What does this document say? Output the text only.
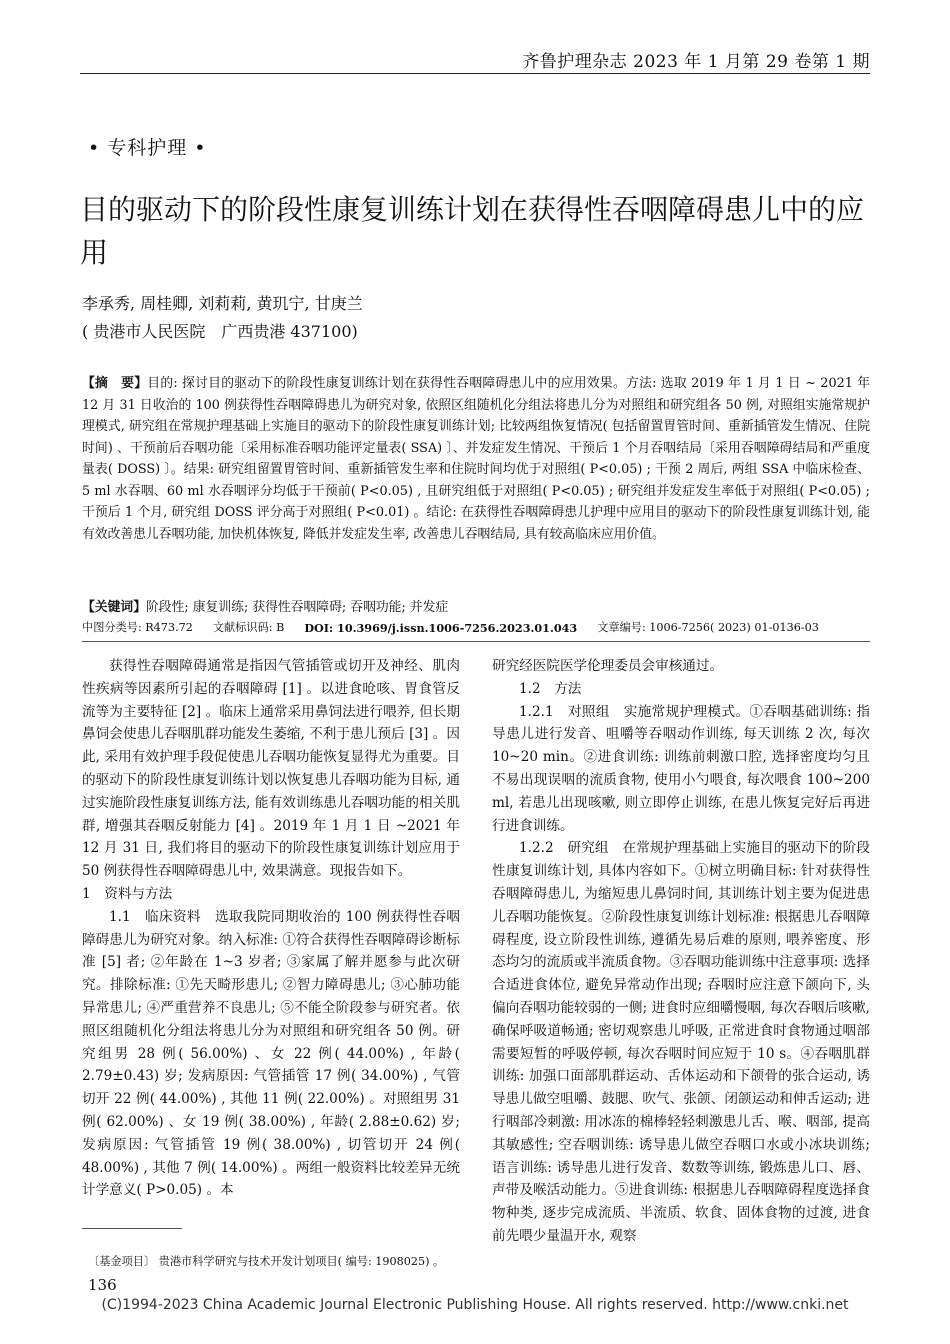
齐鲁护理杂志 2023 年 1 月第 29 卷第 1 期
• 专科护理 •
目的驱动下的阶段性康复训练计划在获得性吞咽障碍患儿中的应用
李承秀, 周桂卿, 刘莉莉, 黄玑宁, 甘庚兰
( 贵港市人民医院　广西贵港 437100)
【摘　要】目的: 探讨目的驱动下的阶段性康复训练计划在获得性吞咽障碍患儿中的应用效果。方法: 选取 2019 年 1 月 1 日 ~ 2021 年 12 月 31 日收治的 100 例获得性吞咽障碍患儿为研究对象, 依照区组随机化分组法将患儿分为对照组和研究组各 50 例, 对照组实施常规护理模式, 研究组在常规护理基础上实施目的驱动下的阶段性康复训练计划; 比较两组恢复情况( 包括留置胃管时间、重新插管发生情况、住院时间) 、干预前后吞咽功能〔采用标准吞咽功能评定量表( SSA) 〕、并发症发生情况、干预后 1 个月吞咽结局〔采用吞咽障碍结局和严重度量表( DOSS) 〕。结果: 研究组留置胃管时间、重新插管发生率和住院时间均优于对照组( P<0.05) ; 干预 2 周后, 两组 SSA 中临床检查、5 ml 水吞咽、60 ml 水吞咽评分均低于干预前( P<0.05) , 且研究组低于对照组( P<0.05) ; 研究组并发症发生率低于对照组( P<0.05) ; 干预后 1 个月, 研究组 DOSS 评分高于对照组( P<0.01) 。结论: 在获得性吞咽障碍患儿护理中应用目的驱动下的阶段性康复训练计划, 能有效改善患儿吞咽功能, 加快机体恢复, 降低并发症发生率, 改善患儿吞咽结局, 具有较高临床应用价值。
【关键词】阶段性; 康复训练; 获得性吞咽障碍; 吞咽功能; 并发症
中图分类号: R473.72 文献标识码: B DOI: 10.3969/j.issn.1006-7256.2023.01.043 文章编号: 1006-7256( 2023) 01-0136-03

获得性吞咽障碍通常是指因气管插管或切开及神经、肌肉性疾病等因素所引起的吞咽障碍 [1] 。以进食呛咳、胃食管反流等为主要特征 [2] 。临床上通常采用鼻饲法进行喂养, 但长期鼻饲会使患儿吞咽肌群功能发生萎缩, 不利于患儿预后 [3] 。因此, 采用有效护理手段促使患儿吞咽功能恢复显得尤为重要。目的驱动下的阶段性康复训练计划以恢复患儿吞咽功能为目标, 通过实施阶段性康复训练方法, 能有效训练患儿吞咽功能的相关肌群, 增强其吞咽反射能力 [4] 。2019 年 1 月 1 日 ~2021 年 12 月 31 日, 我们将目的驱动下的阶段性康复训练计划应用于 50 例获得性吞咽障碍患儿中, 效果满意。现报告如下。

1　资料与方法

1.1　临床资料　选取我院同期收治的 100 例获得性吞咽障碍患儿为研究对象。纳入标准: ①符合获得性吞咽障碍诊断标准 [5] 者; ②年龄在 1~3 岁者; ③家属了解并愿参与此次研究。排除标准: ①先天畸形患儿; ②智力障碍患儿; ③心肺功能异常患儿; ④严重营养不良患儿; ⑤不能全阶段参与研究者。依照区组随机化分组法将患儿分为对照组和研究组各 50 例。研究组男 28 例( 56.00%) 、女 22 例( 44.00%) , 年龄( 2.79±0.43) 岁; 发病原因: 气管插管 17 例( 34.00%) , 气管切开 22 例( 44.00%) , 其他 11 例( 22.00%) 。对照组男 31 例( 62.00%) 、女 19 例( 38.00%) , 年龄( 2.88±0.62) 岁; 发病原因: 气管插管 19 例( 38.00%) , 切管切开 24 例( 48.00%) , 其他 7 例( 14.00%) 。两组一般资料比较差异无统计学意义( P>0.05) 。本

研究经医院医学伦理委员会审核通过。

1.2　方法

1.2.1　对照组　实施常规护理模式。①吞咽基础训练: 指导患儿进行发音、咀嚼等吞咽动作训练, 每天训练 2 次, 每次 10~20 min。②进食训练: 训练前刺激口腔, 选择密度均匀且不易出现误咽的流质食物, 使用小勺喂食, 每次喂食 100~200 ml, 若患儿出现咳嗽, 则立即停止训练, 在患儿恢复完好后再进行进食训练。

1.2.2　研究组　在常规护理基础上实施目的驱动下的阶段性康复训练计划, 具体内容如下。①树立明确目标: 针对获得性吞咽障碍患儿, 为缩短患儿鼻饲时间, 其训练计划主要为促进患儿吞咽功能恢复。②阶段性康复训练计划标准: 根据患儿吞咽障碍程度, 设立阶段性训练, 遵循先易后难的原则, 喂养密度、形态均匀的流质或半流质食物。③吞咽功能训练中注意事项: 选择合适进食体位, 避免异常动作出现; 吞咽时应注意下颌向下, 头偏向吞咽功能较弱的一侧; 进食时应细嚼慢咽, 每次吞咽后咳嗽, 确保呼吸道畅通; 密切观察患儿呼吸, 正常进食时食物通过咽部需要短暂的呼吸停顿, 每次吞咽时间应短于 10 s。④吞咽肌群训练: 加强口面部肌群运动、舌体运动和下颌骨的张合运动, 诱导患儿做空咀嚼、鼓腮、吹气、张颌、闭颌运动和伸舌运动; 进行咽部冷刺激: 用冰冻的棉棒轻轻刺激患儿舌、喉、咽部, 提高其敏感性; 空吞咽训练: 诱导患儿做空吞咽口水或小冰块训练; 语言训练: 诱导患儿进行发音、数数等训练, 锻炼患儿口、唇、声带及喉活动能力。⑤进食训练: 根据患儿吞咽障碍程度选择食物种类, 逐步完成流质、半流质、软食、固体食物的过渡, 进食前先喂少量温开水, 观察

〔基金项目〕 贵港市科学研究与技术开发计划项目( 编号: 1908025) 。
136
(C)1994-2023 China Academic Journal Electronic Publishing House. All rights reserved. http://www.cnki.net
